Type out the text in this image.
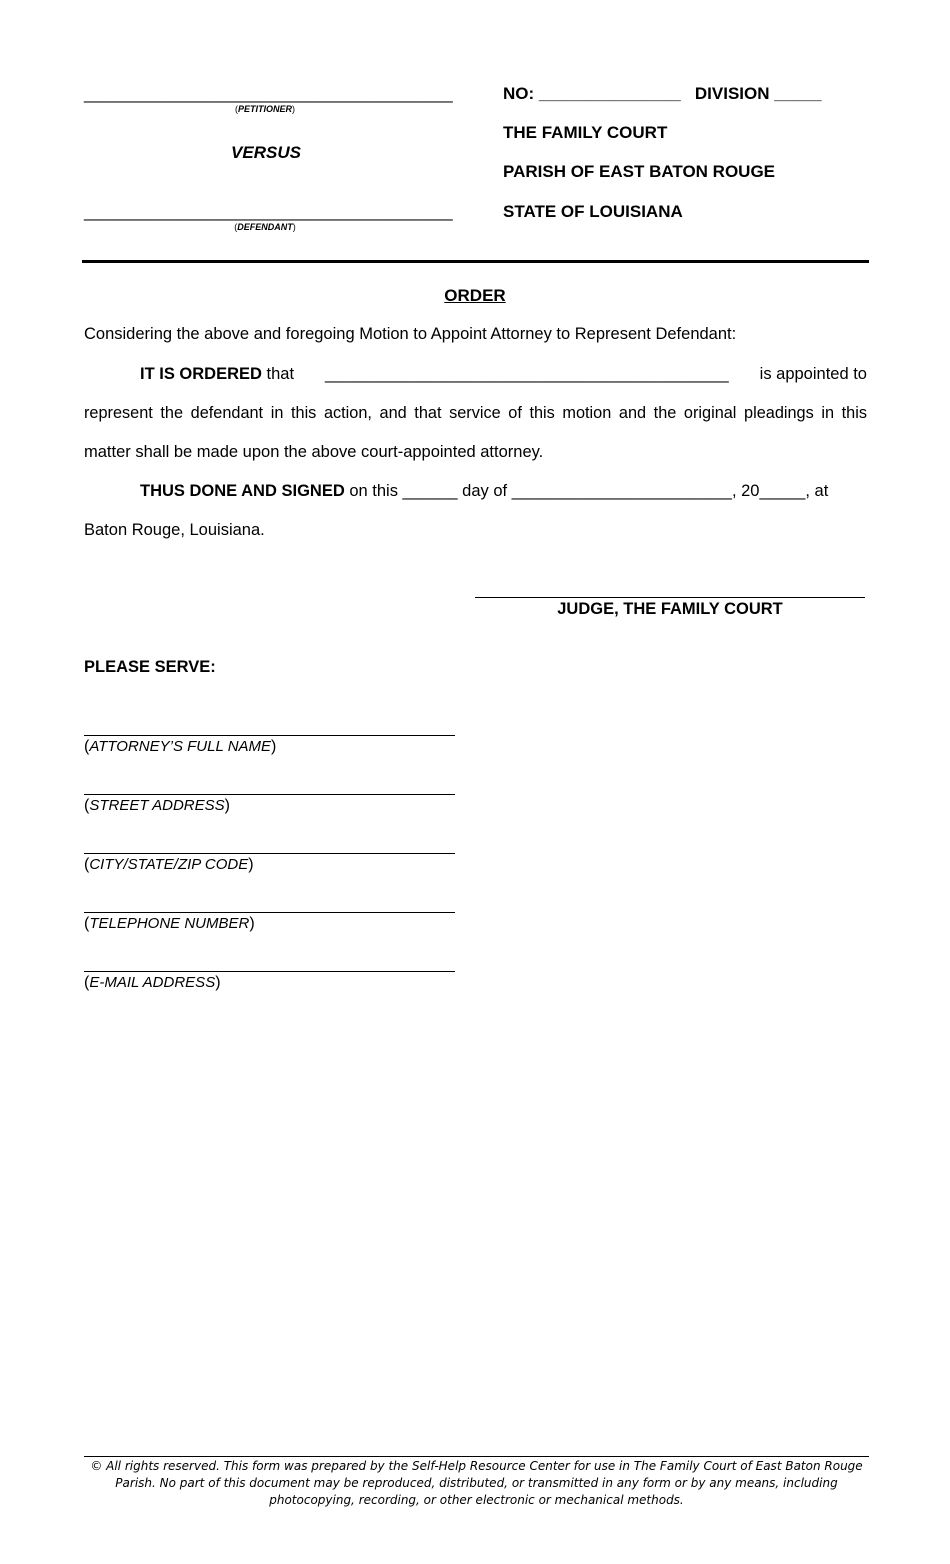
_______________________________________
(PETITIONER)
VERSUS
_______________________________________
(DEFENDANT)
NO: _______________ DIVISION _____
THE FAMILY COURT
PARISH OF EAST BATON ROUGE
STATE OF LOUISIANA
ORDER
Considering the above and foregoing Motion to Appoint Attorney to Represent Defendant:
IT IS ORDERED that ____________________________________________ is appointed to
represent the defendant in this action, and that service of this motion and the original pleadings in this
matter shall be made upon the above court-appointed attorney.
THUS DONE AND SIGNED on this ______ day of ________________________, 20_____, at
Baton Rouge, Louisiana.
JUDGE, THE FAMILY COURT
PLEASE SERVE:
(ATTORNEY’S FULL NAME)
(STREET ADDRESS)
(CITY/STATE/ZIP CODE)
(TELEPHONE NUMBER)
(E-MAIL ADDRESS)
© All rights reserved. This form was prepared by the Self-Help Resource Center for use in The Family Court of East Baton Rouge Parish. No part of this document may be reproduced, distributed, or transmitted in any form or by any means, including photocopying, recording, or other electronic or mechanical methods.
